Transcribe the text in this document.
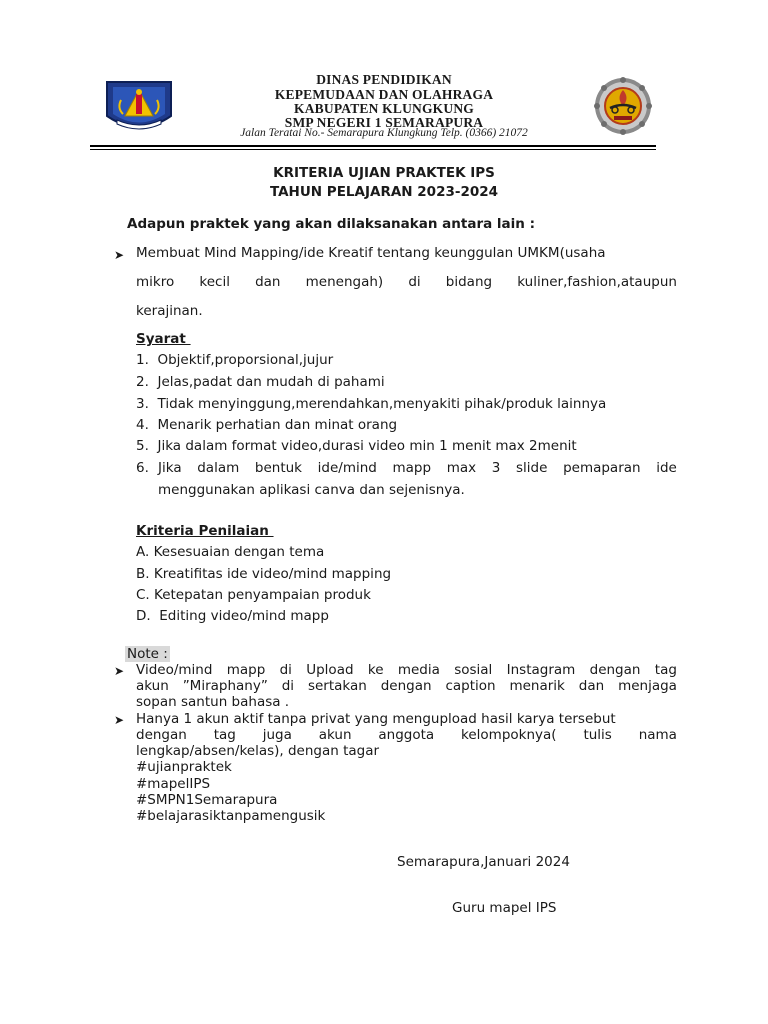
DINAS PENDIDIKAN
KEPEMUDAAN DAN OLAHRAGA
KABUPATEN KLUNGKUNG
SMP NEGERI 1 SEMARAPURA
Jalan Teratai No.- Semarapura Klungkung Telp. (0366) 21072
KRITERIA UJIAN PRAKTEK IPS
TAHUN PELAJARAN 2023-2024
Adapun praktek yang akan dilaksanakan antara lain :
➤ Membuat Mind Mapping/ide Kreatif tentang keunggulan UMKM(usaha
mikro kecil dan menengah) di bidang kuliner,fashion,ataupun
kerajinan.
Syarat
1. Objektif,proporsional,jujur
2. Jelas,padat dan mudah di pahami
3. Tidak menyinggung,merendahkan,menyakiti pihak/produk lainnya
4. Menarik perhatian dan minat orang
5. Jika dalam format video,durasi video min 1 menit max 2menit
6. Jika dalam bentuk ide/mind mapp max 3 slide pemaparan ide
menggunakan aplikasi canva dan sejenisnya.
Kriteria Penilaian
A. Kesesuaian dengan tema
B. Kreatifitas ide video/mind mapping
C. Ketepatan penyampaian produk
D.  Editing video/mind mapp
Note :
➤ Video/mind mapp di Upload ke media sosial Instagram dengan tag
akun ”Miraphany” di sertakan dengan caption menarik dan menjaga
sopan santun bahasa .
➤ Hanya 1 akun aktif tanpa privat yang mengupload hasil karya tersebut
dengan tag juga akun anggota kelompoknya( tulis nama
lengkap/absen/kelas), dengan tagar
#ujianpraktek
#mapelIPS
#SMPN1Semarapura
#belajarasiktanpamengusik
Semarapura,Januari 2024
Guru mapel IPS
